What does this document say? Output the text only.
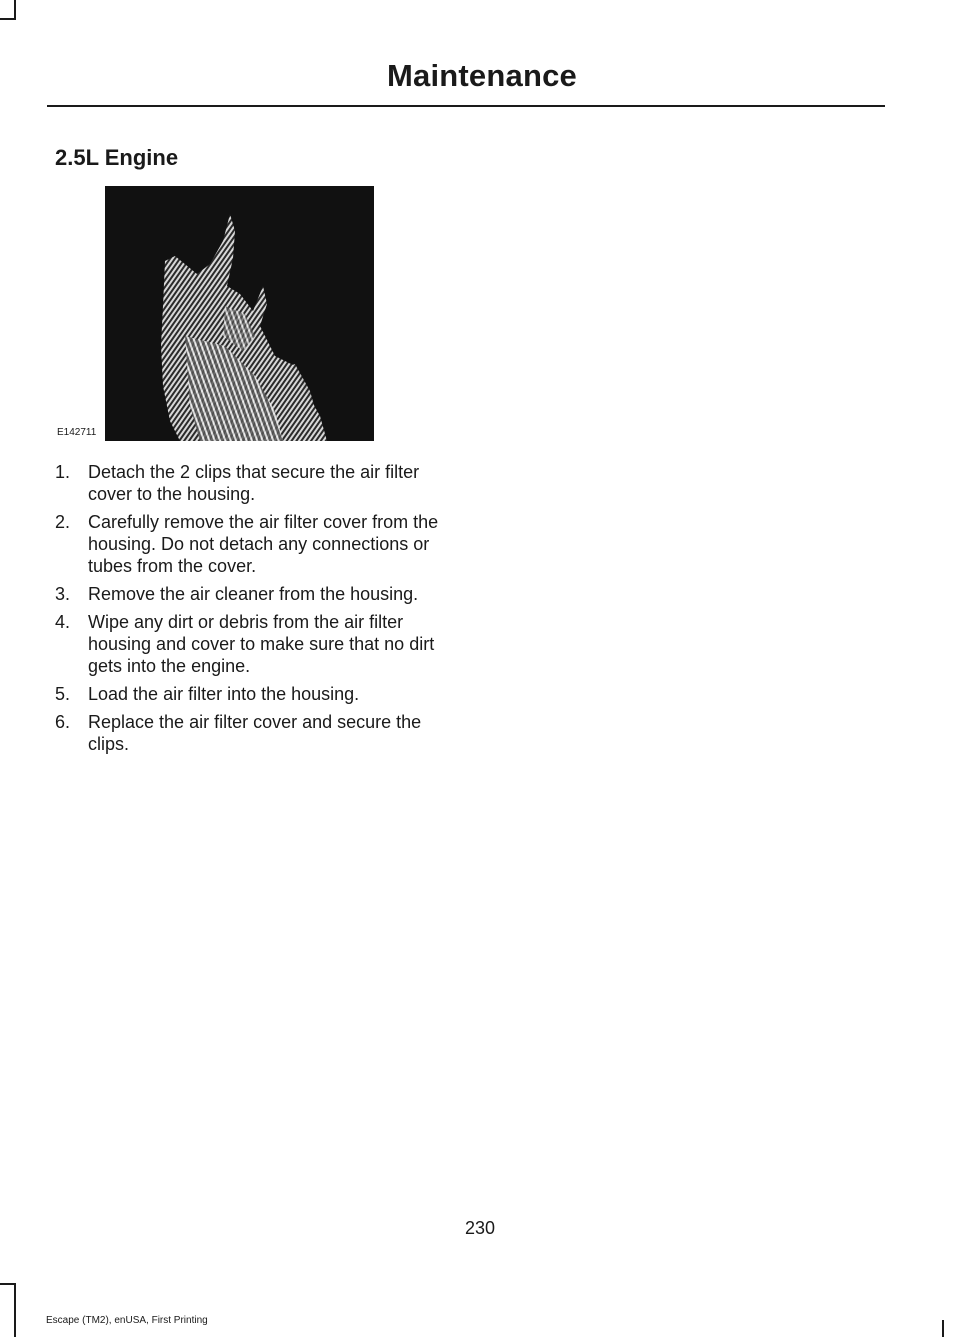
Maintenance
2.5L Engine
E142711
1. Detach the 2 clips that secure the air filter cover to the housing.
2. Carefully remove the air filter cover from the housing. Do not detach any connections or tubes from the cover.
3. Remove the air cleaner from the housing.
4. Wipe any dirt or debris from the air filter housing and cover to make sure that no dirt gets into the engine.
5. Load the air filter into the housing.
6. Replace the air filter cover and secure the clips.
230
Escape (TM2), enUSA, First Printing
